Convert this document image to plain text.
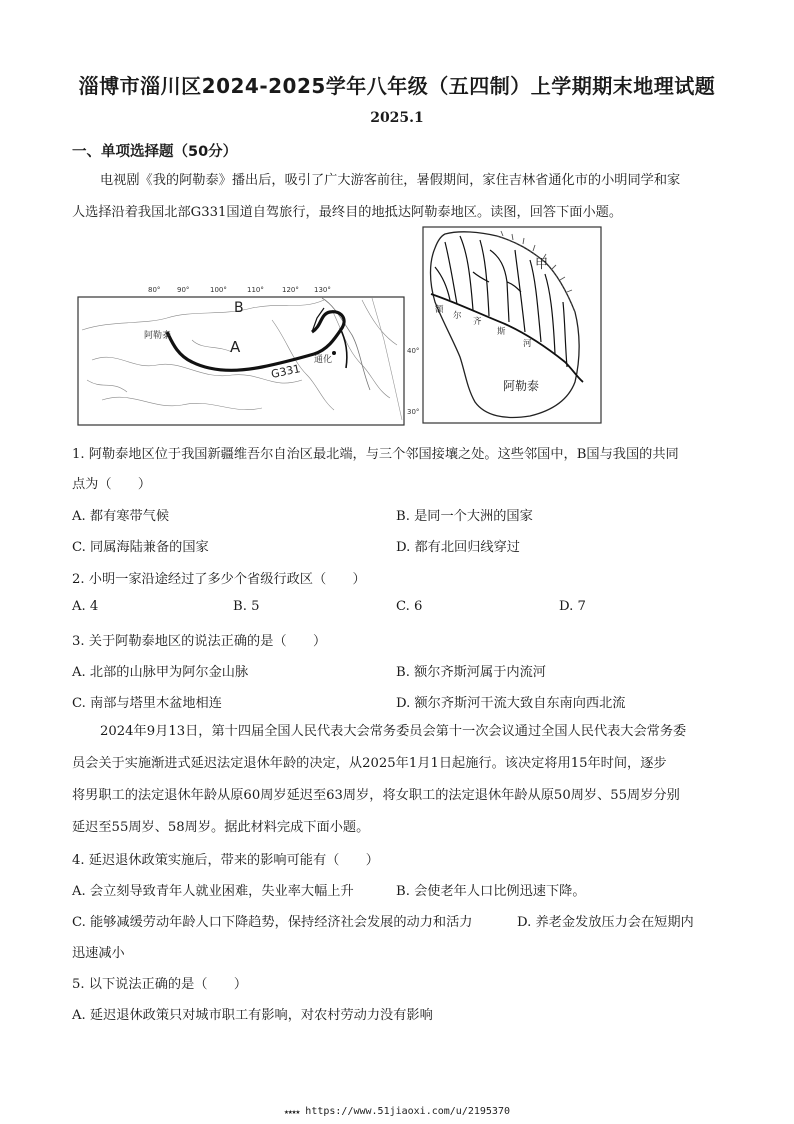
淄博市淄川区2024-2025学年八年级（五四制）上学期期末地理试题
2025.1
一、单项选择题（50分）
电视剧《我的阿勒泰》播出后，吸引了广大游客前往，暑假期间，家住吉林省通化市的小明同学和家
人选择沿着我国北部G331国道自驾旅行，最终目的地抵达阿勒泰地区。读图，回答下面小题。
80° 90°	100°	110°	120° 130°
B
A
阿勒泰
G331
通化
40°
30°
甲
额
尔
齐
斯
河
阿勒泰
1. 阿勒泰地区位于我国新疆维吾尔自治区最北端，与三个邻国接壤之处。这些邻国中，B国与我国的共同
点为（　　）
A. 都有寒带气候	B. 是同一个大洲的国家
C. 同属海陆兼备的国家	D. 都有北回归线穿过
2. 小明一家沿途经过了多少个省级行政区（　　）
A. 4	B. 5	C. 6	D. 7
3. 关于阿勒泰地区的说法正确的是（　　）
A. 北部的山脉甲为阿尔金山脉	B. 额尔齐斯河属于内流河
C. 南部与塔里木盆地相连	D. 额尔齐斯河干流大致自东南向西北流
2024年9月13日，第十四届全国人民代表大会常务委员会第十一次会议通过全国人民代表大会常务委
员会关于实施渐进式延迟法定退休年龄的决定，从2025年1月1日起施行。该决定将用15年时间，逐步
将男职工的法定退休年龄从原60周岁延迟至63周岁，将女职工的法定退休年龄从原50周岁、55周岁分别
延迟至55周岁、58周岁。据此材料完成下面小题。
4. 延迟退休政策实施后，带来的影响可能有（　　）
A. 会立刻导致青年人就业困难，失业率大幅上升	B. 会使老年人口比例迅速下降。
C. 能够减缓劳动年龄人口下降趋势，保持经济社会发展的动力和活力	D. 养老金发放压力会在短期内
迅速减小
5. 以下说法正确的是（　　）
A. 延迟退休政策只对城市职工有影响，对农村劳动力没有影响
★★★★ https://www.51jiaoxi.com/u/2195370
